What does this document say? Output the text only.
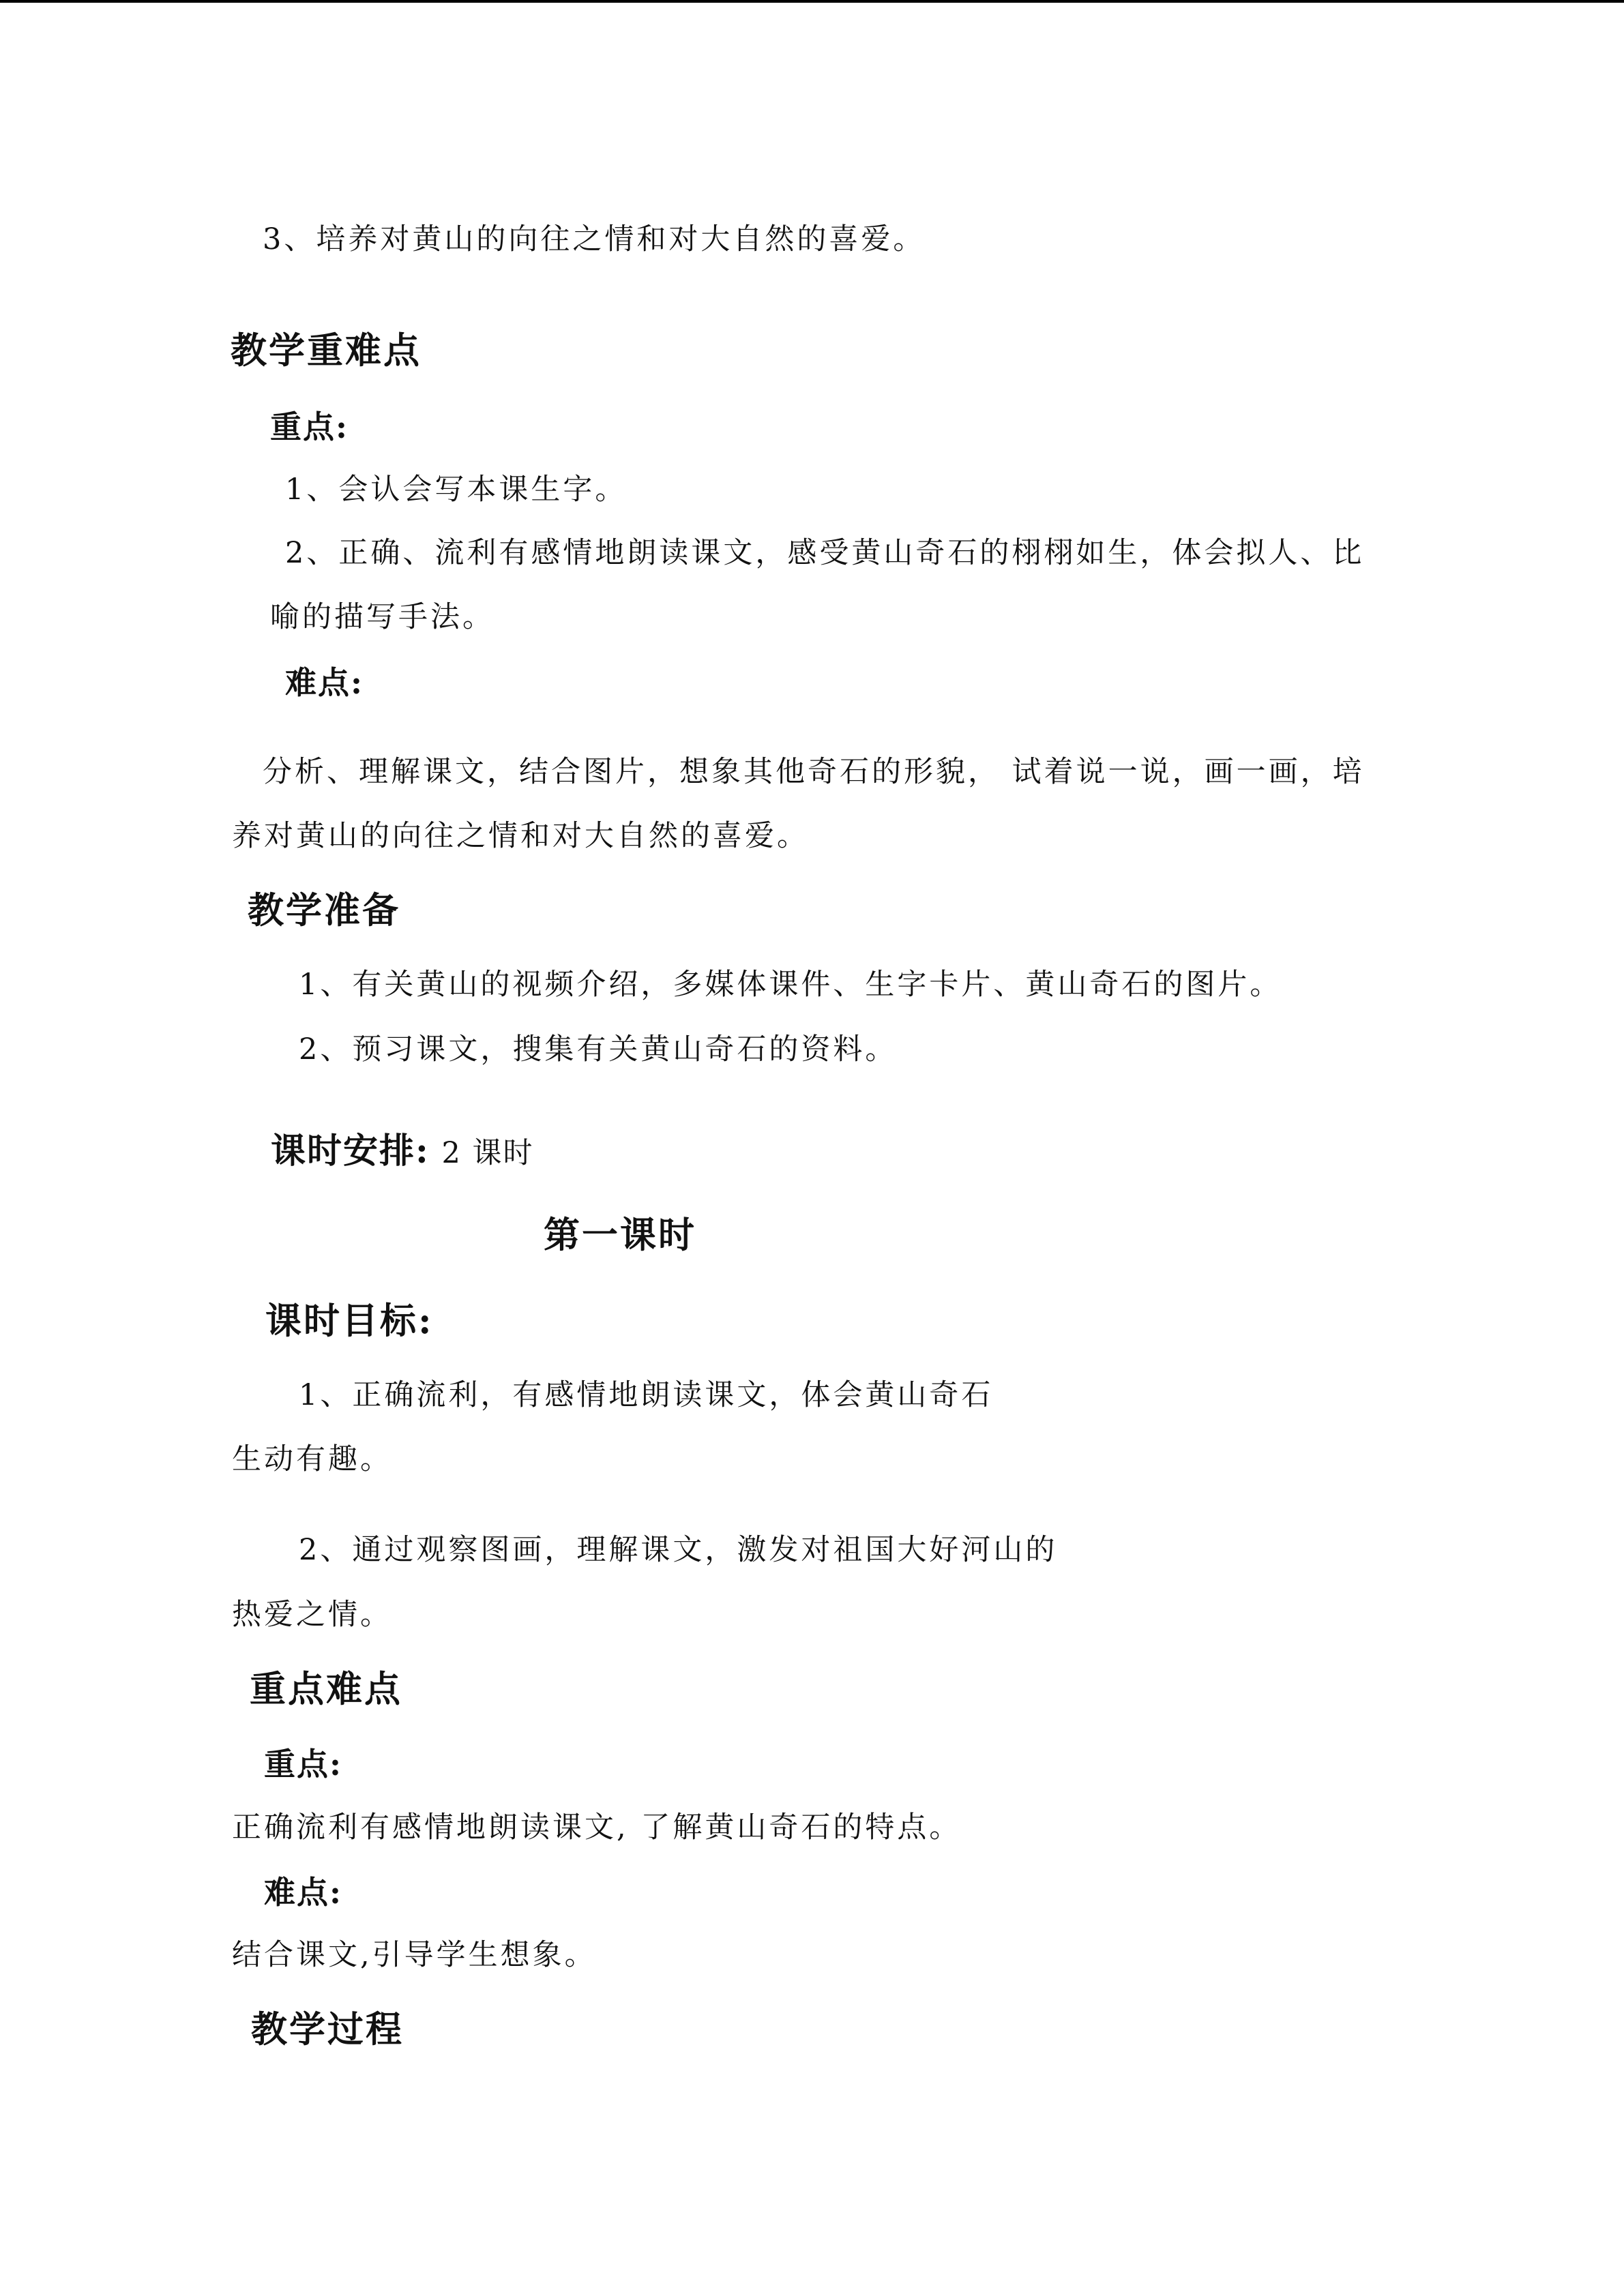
3、培养对黄山的向往之情和对大自然的喜爱。
教学重难点
重点:
1、会认会写本课生字。
2、正确、流利有感情地朗读课文，感受黄山奇石的栩栩如生，体会拟人、比
喻的描写手法。
难点:
分析、理解课文，结合图片，想象其他奇石的形貌， 试着说一说，画一画，培
养对黄山的向往之情和对大自然的喜爱。
教学准备
1、有关黄山的视频介绍，多媒体课件、生字卡片、黄山奇石的图片。
2、预习课文，搜集有关黄山奇石的资料。
课时安排: 2 课时
第一课时
课时目标:
1、正确流利，有感情地朗读课文，体会黄山奇石
生动有趣。
2、通过观察图画，理解课文，激发对祖国大好河山的
热爱之情。
重点难点
重点:
正确流利有感情地朗读课文, 了解黄山奇石的特点。
难点:
结合课文,引导学生想象。
教学过程
